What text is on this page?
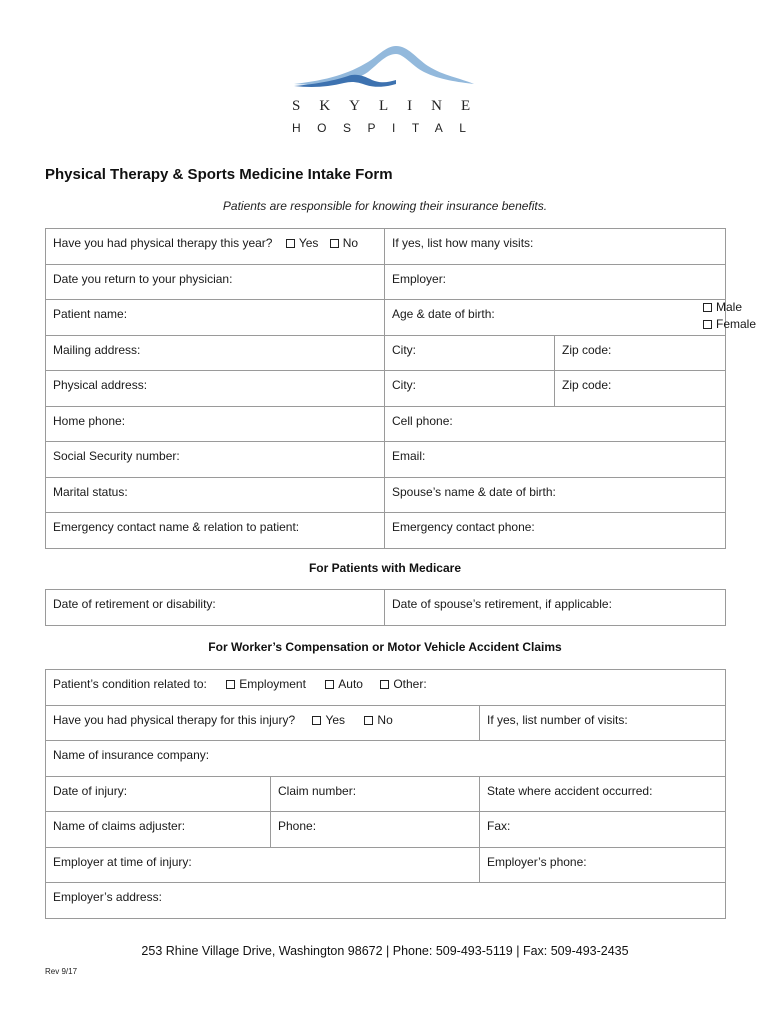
SKYLINE
HOSPITAL
Physical Therapy & Sports Medicine Intake Form
Patients are responsible for knowing their insurance benefits.
Have you had physical therapy this year? Yes No	If yes, list how many visits:	
Date you return to your physician:	Employer:	
Patient name:	Age & date of birth:	
Mailing address:	City:	Zip code:
Physical address:	City:	Zip code:
Home phone:	Cell phone:	
Social Security number:	Email:	
Marital status:	Spouse’s name & date of birth:	
Emergency contact name & relation to patient:	Emergency contact phone:	
Male
Female
For Patients with Medicare
Date of retirement or disability:	Date of spouse’s retirement, if applicable:
For Worker’s Compensation or Motor Vehicle Accident Claims
Patient’s condition related to: Employment Auto Other:		
Have you had physical therapy for this injury? Yes No		If yes, list number of visits:
Name of insurance company:		
Date of injury:	Claim number:	State where accident occurred:
Name of claims adjuster:	Phone:	Fax:
Employer at time of injury:		Employer’s phone:
Employer’s address:		
253 Rhine Village Drive, Washington 98672 | Phone: 509-493-5119 | Fax: 509-493-2435
Rev 9/17
